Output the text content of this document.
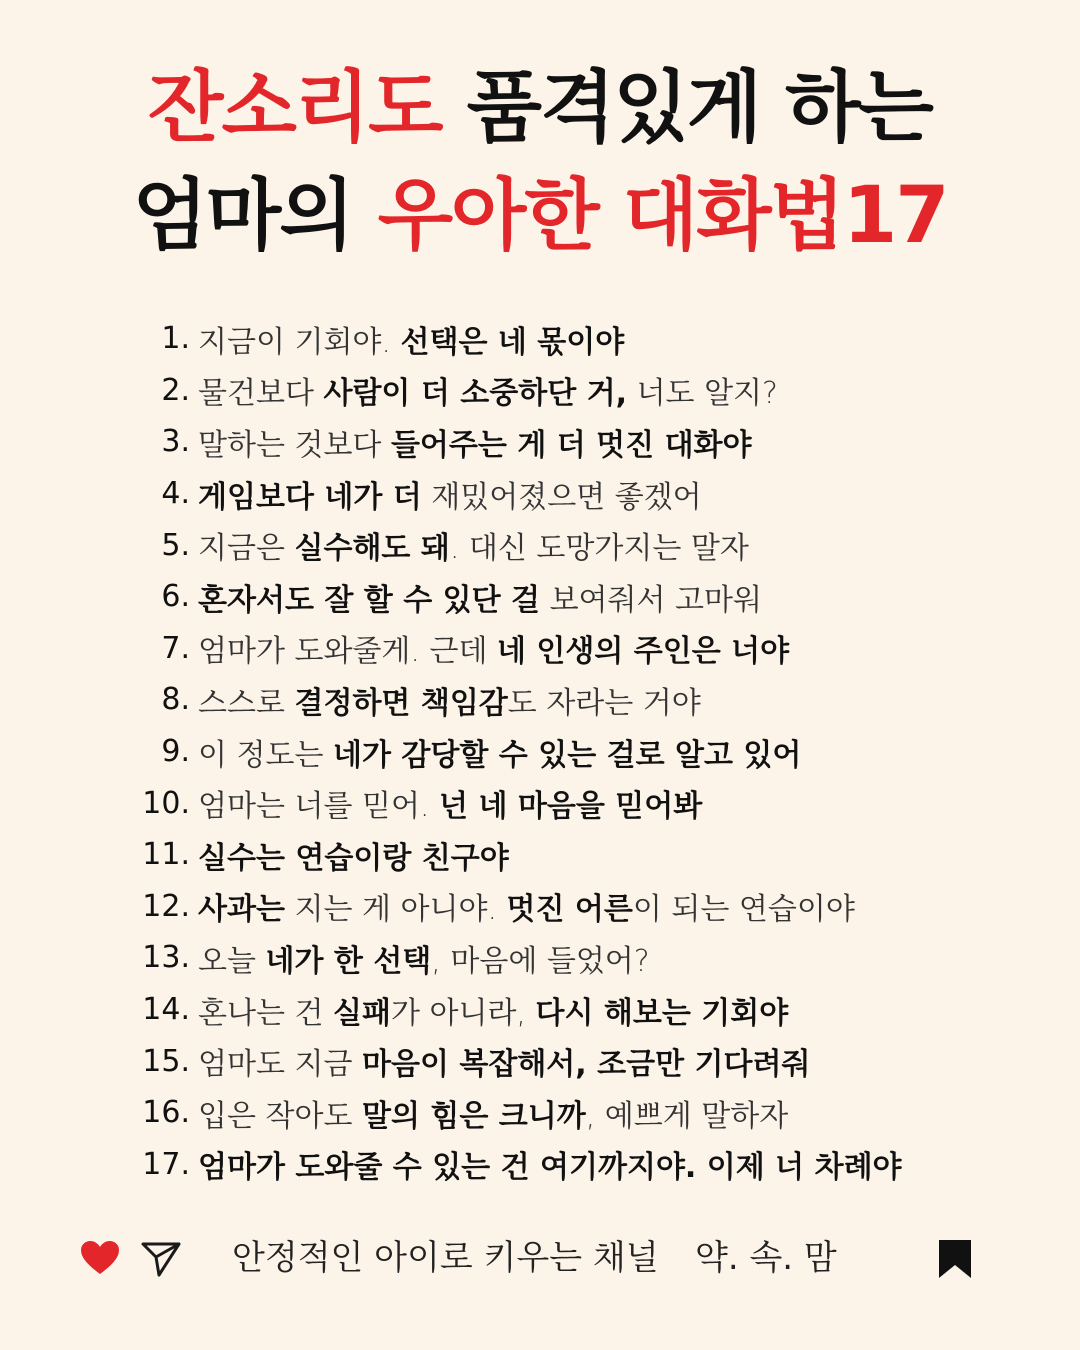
잔소리도 품격있게 하는
엄마의 우아한 대화법17
1. 지금이 기회야. 선택은 네 몫이야
2. 물건보다 사람이 더 소중하단 거, 너도 알지?
3. 말하는 것보다 들어주는 게 더 멋진 대화야
4. 게임보다 네가 더 재밌어졌으면 좋겠어
5. 지금은 실수해도 돼 . 대신 도망가지는 말자
6. 혼자서도 잘 할 수 있단 걸 보여줘서 고마워
7. 엄마가 도와줄게. 근데 네 인생의 주인은 너야
8. 스스로 결정하면 책임감 도 자라는 거야
9. 이 정도는 네가 감당할 수 있는 걸로 알고 있어
10. 엄마는 너를 믿어. 넌 네 마음을 믿어봐
11. 실수는 연습이랑 친구야
12. 사과는 지는 게 아니야. 멋진 어른 이 되는 연습이야
13. 오늘 네가 한 선택 , 마음에 들었어?
14. 혼나는 건 실패 가 아니라, 다시 해보는 기회야
15. 엄마도 지금 마음이 복잡해서, 조금만 기다려줘
16. 입은 작아도 말의 힘은 크니까 , 예쁘게 말하자
17. 엄마가 도와줄 수 있는 건 여기까지야. 이제 너 차례야
안정적인 아이로 키우는 채널 약. 속. 맘
